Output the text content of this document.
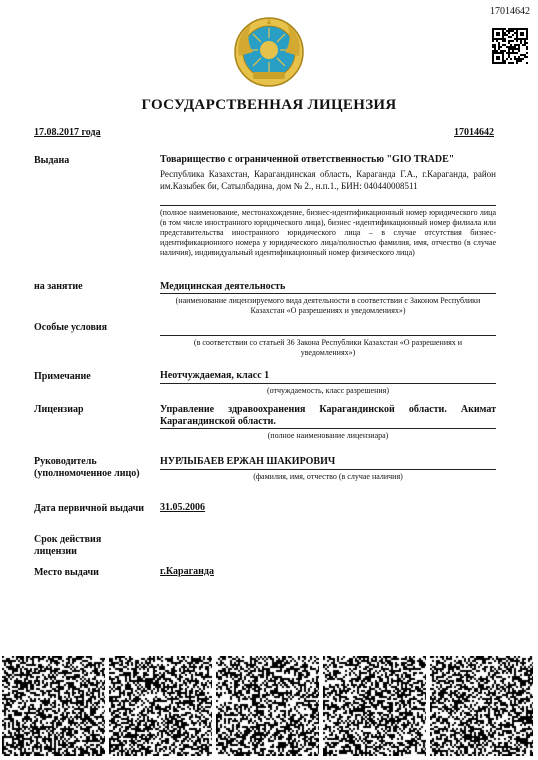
17014642
ГОСУДАРСТВЕННАЯ ЛИЦЕНЗИЯ
17.08.2017 года	17014642
Выдана	Товарищество с ограниченной ответственностью "GIO TRADE"
Республика Казахстан, Карагандинская область, Караганда Г.А., г.Караганда, район им.Казыбек би, Сатылбадина, дом № 2., н.п.1., БИН: 040440008511
(полное наименование, местонахождение, бизнес-идентификационный номер юридического лица (в том числе иностранного юридического лица), бизнес -идентификационный номер филиала или представительства иностранного юридического лица – в случае отсутствия бизнес-идентификационного номера у юридического лица/полностью фамилия, имя, отчество (в случае наличия), индивидуальный идентификационный номер физического лица)
на занятие	Медицинская деятельность
(наименование лицензируемого вида деятельности в соответствии с Законом Республики Казахстан «О разрешениях и уведомлениях»)
Особые условия
(в соответствии со статьей 36 Закона Республики Казахстан «О разрешениях и уведомлениях»)
Примечание	Неотчуждаемая, класс 1
(отчуждаемость, класс разрешения)
Лицензиар	Управление здравоохранения Карагандинской области. Акимат Карагандинской области.
(полное наименование лицензиара)
Руководитель (уполномоченное лицо)
НУРЛЫБАЕВ ЕРЖАН ШАКИРОВИЧ
(фамилия, имя, отчество (в случае наличия)
Дата первичной выдачи 31.05.2006
Срок действия лицензии
Место выдачи	г.Караганда
